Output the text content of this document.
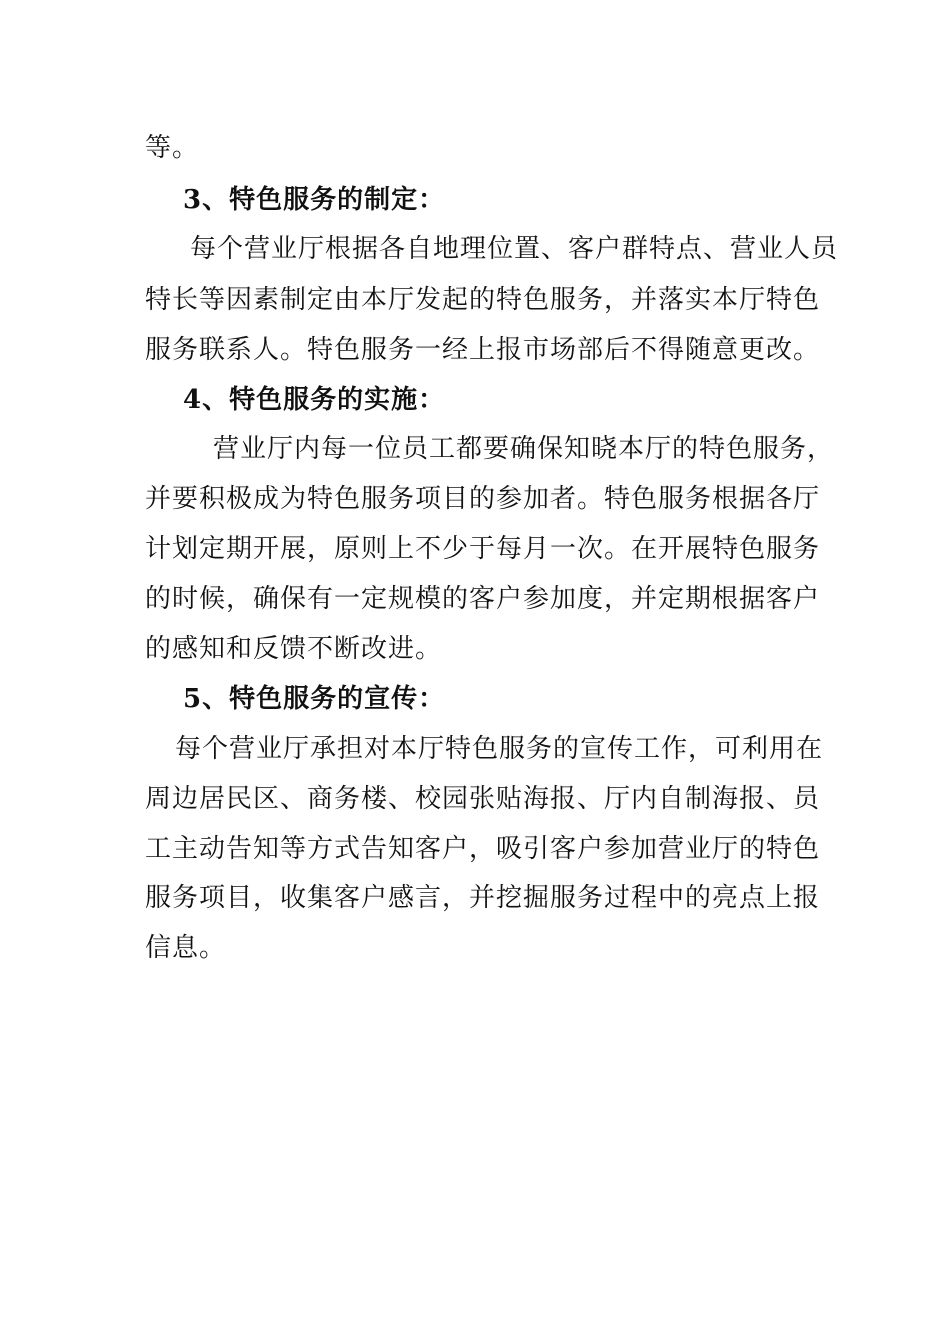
等。
3、特色服务的制定：
每个营业厅根据各自地理位置、客户群特点、营业人员
特长等因素制定由本厅发起的特色服务，并落实本厅特色
服务联系人。特色服务一经上报市场部后不得随意更改。
4、特色服务的实施：
营业厅内每一位员工都要确保知晓本厅的特色服务，
并要积极成为特色服务项目的参加者。特色服务根据各厅
计划定期开展，原则上不少于每月一次。在开展特色服务
的时候，确保有一定规模的客户参加度，并定期根据客户
的感知和反馈不断改进。
5、特色服务的宣传：
每个营业厅承担对本厅特色服务的宣传工作，可利用在
周边居民区、商务楼、校园张贴海报、厅内自制海报、员
工主动告知等方式告知客户，吸引客户参加营业厅的特色
服务项目，收集客户感言，并挖掘服务过程中的亮点上报
信息。
